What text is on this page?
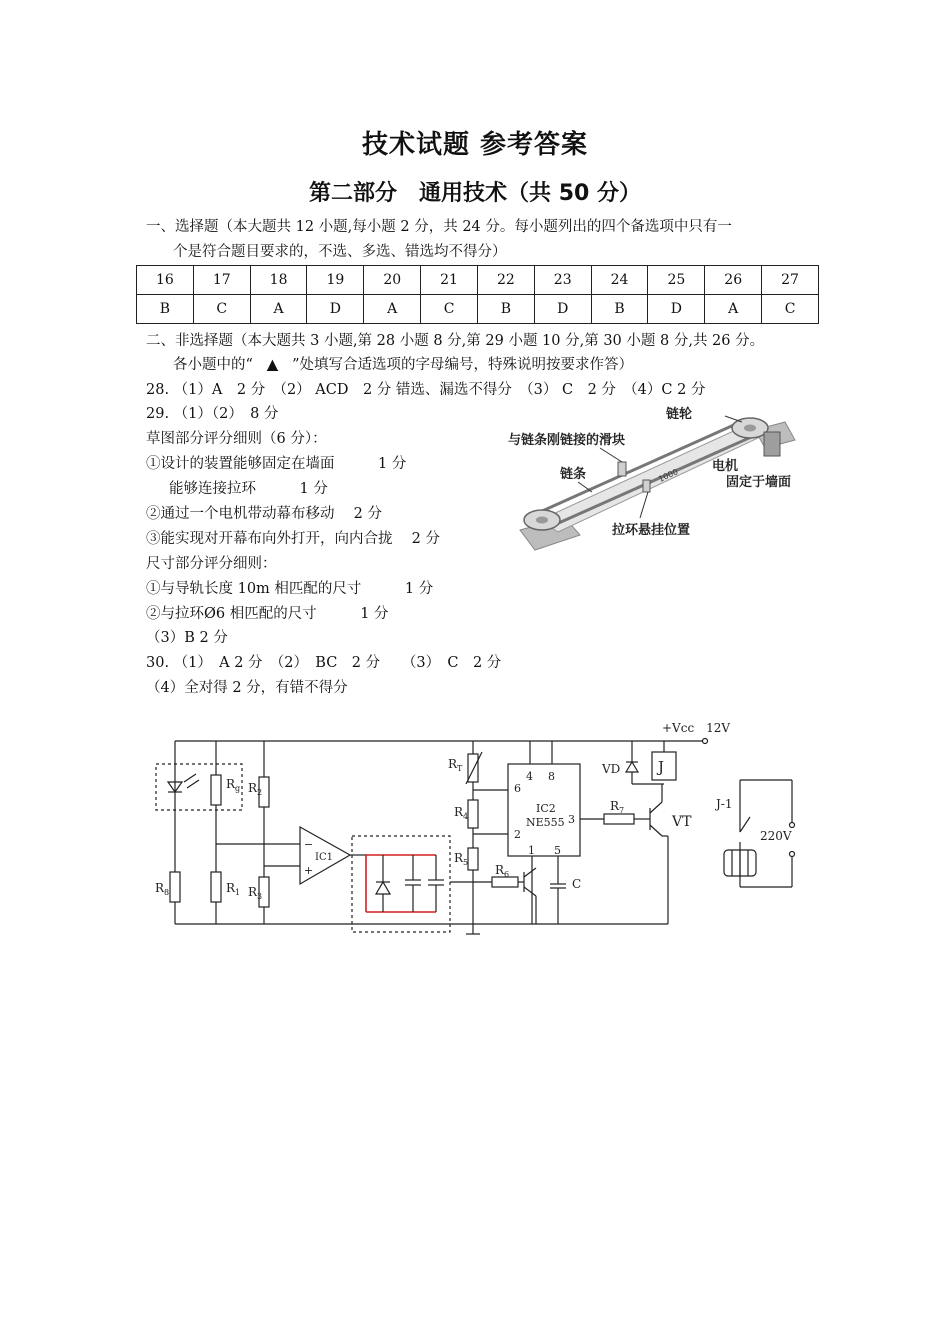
技术试题 参考答案
第二部分　通用技术（共 50 分）
一、选择题（本大题共 12 小题,每小题 2 分，共 24 分。每小题列出的四个备选项中只有一
个是符合题目要求的，不选、多选、错选均不得分）
16	17	18	19	20	21	22	23	24	25	26	27
B	C	A	D	A	C	B	D	B	D	A	C
二、非选择题（本大题共 3 小题,第 28 小题 8 分,第 29 小题 10 分,第 30 小题 8 分,共 26 分。
各小题中的“ ▲ ”处填写合适选项的字母编号，特殊说明按要求作答）
28. （1）A　2 分　（2） ACD　2 分 错选、漏选不得分　（3） C　2 分　（4）C 2 分
29. （1）（2）　8 分
草图部分评分细则（6 分）：
①设计的装置能够固定在墙面　　　1 分
能够连接拉环　　　1 分
②通过一个电机带动幕布移动　 2 分
③能实现对开幕布向外打开，向内合拢　 2 分
尺寸部分评分细则：
①与导轨长度 10m 相匹配的尺寸　　　1 分
②与拉环Ø6 相匹配的尺寸　　　1 分
（3）B 2 分
30. （1）　A 2 分　（2）　BC　2 分　　（3）　C　2 分
（4）全对得 2 分，有错不得分
1000
与链条刚链接的滑块
链轮
链条
电机
固定于墙面
拉环悬挂位置
+Vcc　12V
VD	J
VT
J-1
220V
IC1
−
+
IC2
NE555
4 8
6
2
3
1 5
C
$R_8$
$R_g$
$R_1$
$R_2$
$R_3$
$R_T$
$R_4$
$R_5$
$R_6$
$R_7$
